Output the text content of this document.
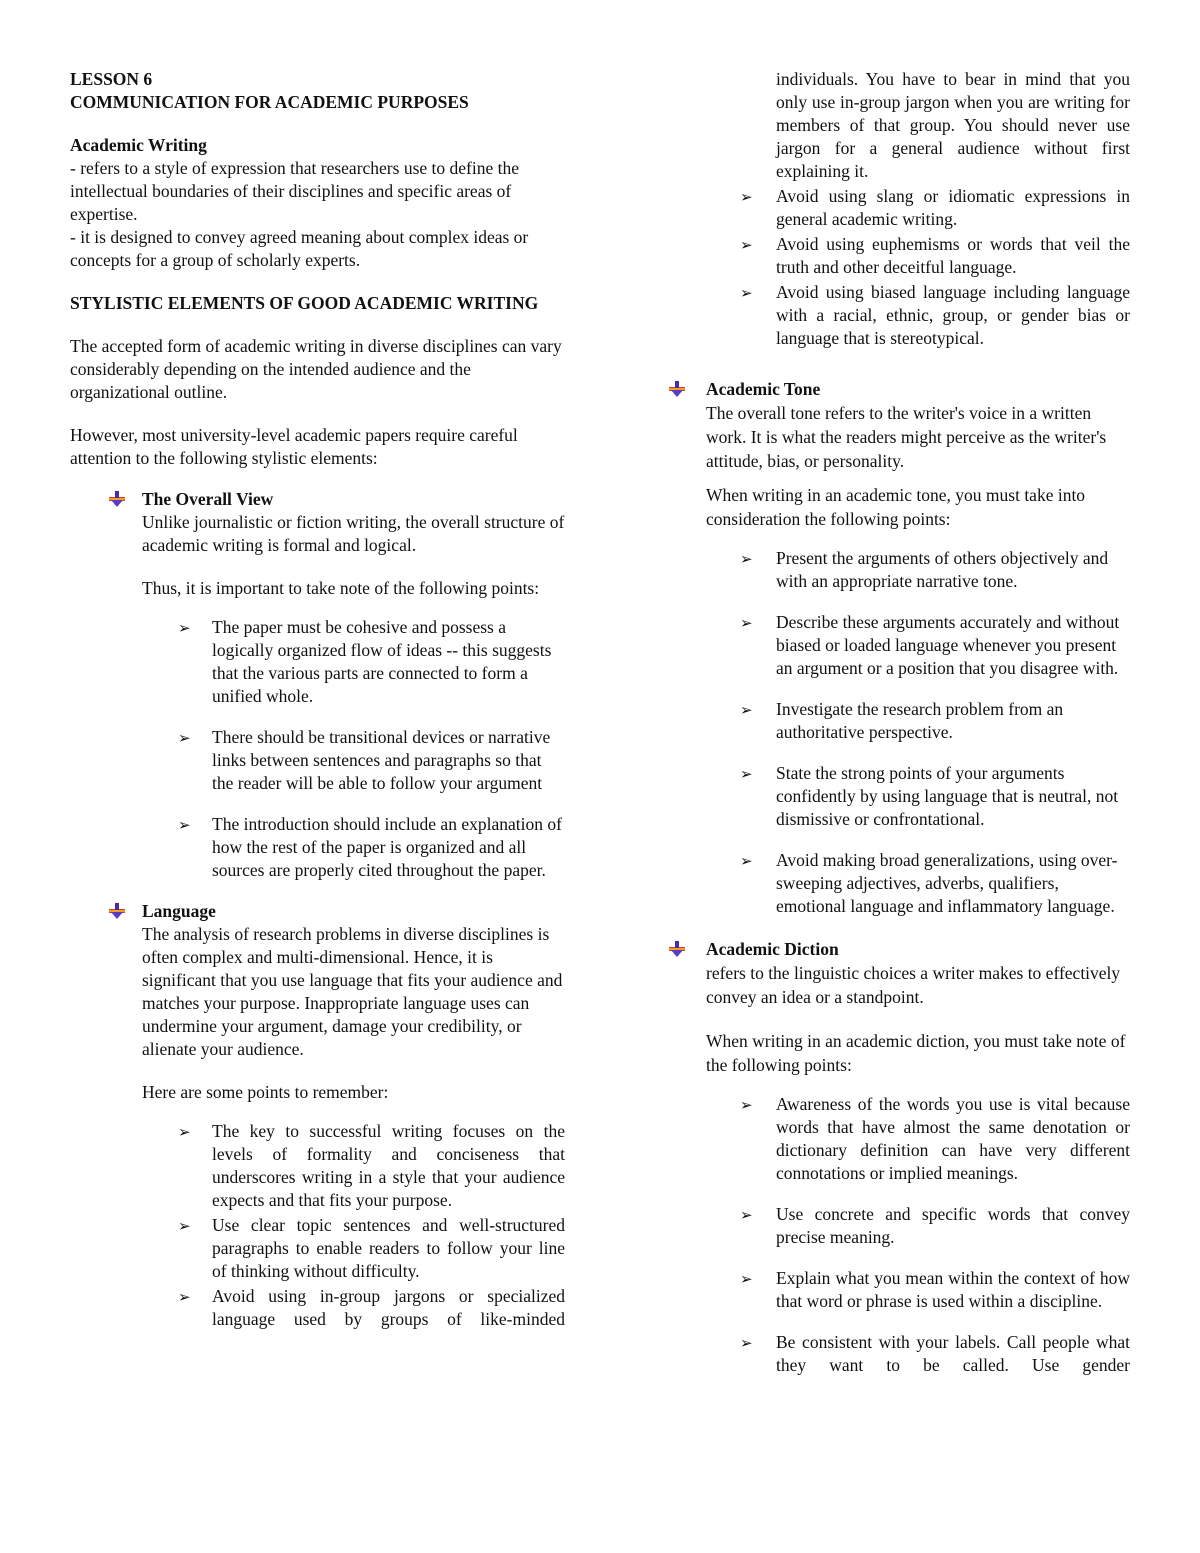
LESSON 6

COMMUNICATION FOR ACADEMIC PURPOSES

Academic Writing

- refers to a style of expression that researchers use to define the intellectual boundaries of their disciplines and specific areas of expertise.

- it is designed to convey agreed meaning about complex ideas or concepts for a group of scholarly experts.

STYLISTIC ELEMENTS OF GOOD ACADEMIC WRITING

The accepted form of academic writing in diverse disciplines can vary considerably depending on the intended audience and the organizational outline.

However, most university-level academic papers require careful attention to the following stylistic elements:

The Overall View

Unlike journalistic or fiction writing, the overall structure of academic writing is formal and logical.

Thus, it is important to take note of the following points:

➢	The paper must be cohesive and possess a logically organized flow of ideas -- this suggests that the various parts are connected to form a unified whole.
➢	There should be transitional devices or narrative links between sentences and paragraphs so that the reader will be able to follow your argument
➢	The introduction should include an explanation of how the rest of the paper is organized and all sources are properly cited throughout the paper.

Language

The analysis of research problems in diverse disciplines is often complex and multi-dimensional. Hence, it is significant that you use language that fits your audience and matches your purpose. Inappropriate language uses can undermine your argument, damage your credibility, or alienate your audience.

Here are some points to remember:

➢	The key to successful writing focuses on the levels of formality and conciseness that underscores writing in a style that your audience expects and that fits your purpose.
➢	Use clear topic sentences and well-structured paragraphs to enable readers to follow your line of thinking without difficulty.
➢	Avoid using in-group jargons or specialized language used by groups of like-minded

individuals. You have to bear in mind that you only use in-group jargon when you are writing for members of that group. You should never use jargon for a general audience without first explaining it.

➢	Avoid using slang or idiomatic expressions in general academic writing.
➢	Avoid using euphemisms or words that veil the truth and other deceitful language.
➢	Avoid using biased language including language with a racial, ethnic, group, or gender bias or language that is stereotypical.

Academic Tone

The overall tone refers to the writer's voice in a written work. It is what the readers might perceive as the writer's attitude, bias, or personality.

When writing in an academic tone, you must take into consideration the following points:

➢	Present the arguments of others objectively and with an appropriate narrative tone.
➢	Describe these arguments accurately and without biased or loaded language whenever you present an argument or a position that you disagree with.
➢	Investigate the research problem from an authoritative perspective.
➢	State the strong points of your arguments confidently by using language that is neutral, not dismissive or confrontational.
➢	Avoid making broad generalizations, using over-sweeping adjectives, adverbs, qualifiers, emotional language and inflammatory language.

Academic Diction

refers to the linguistic choices a writer makes to effectively convey an idea or a standpoint.

When writing in an academic diction, you must take note of the following points:

➢	Awareness of the words you use is vital because words that have almost the same denotation or dictionary definition can have very different connotations or implied meanings.
➢	Use concrete and specific words that convey precise meaning.
➢	Explain what you mean within the context of how that word or phrase is used within a discipline.
➢	Be consistent with your labels. Call people what they want to be called. Use gender
